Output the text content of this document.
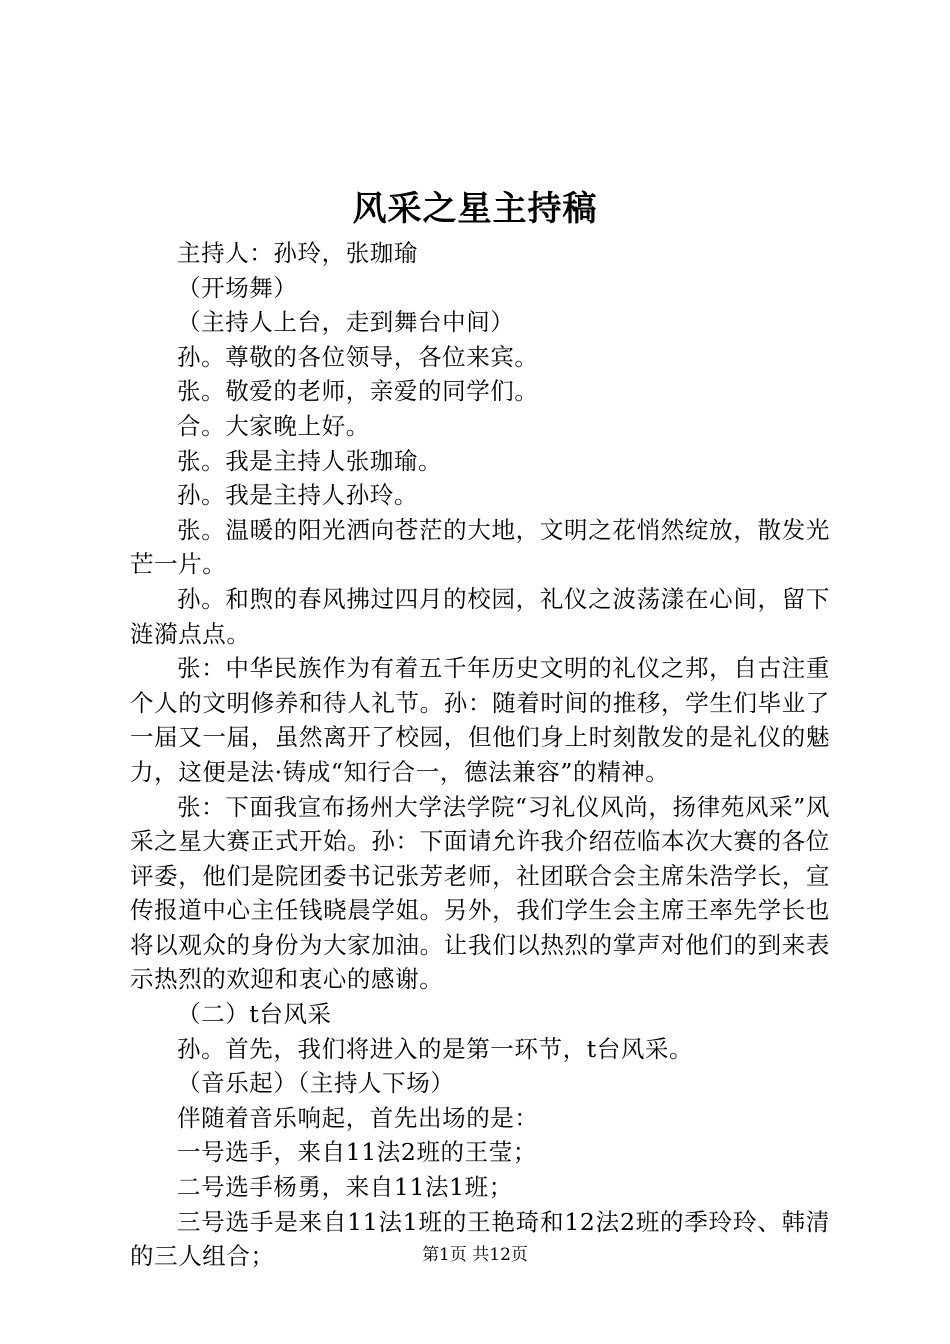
风采之星主持稿

主持人：孙玲，张珈瑜

（开场舞）

（主持人上台，走到舞台中间）

孙。尊敬的各位领导，各位来宾。

张。敬爱的老师，亲爱的同学们。

合。大家晚上好。

张。我是主持人张珈瑜。

孙。我是主持人孙玲。

张。温暖的阳光洒向苍茫的大地，文明之花悄然绽放，散发光芒一片。

孙。和煦的春风拂过四月的校园，礼仪之波荡漾在心间，留下涟漪点点。

张：中华民族作为有着五千年历史文明的礼仪之邦，自古注重个人的文明修养和待人礼节。孙：随着时间的推移，学生们毕业了一届又一届，虽然离开了校园，但他们身上时刻散发的是礼仪的魅力，这便是法·铸成“知行合一，德法兼容”的精神。

张：下面我宣布扬州大学法学院“习礼仪风尚，扬律苑风采”风采之星大赛正式开始。孙：下面请允许我介绍莅临本次大赛的各位评委，他们是院团委书记张芳老师，社团联合会主席朱浩学长，宣传报道中心主任钱晓晨学姐。另外，我们学生会主席王率先学长也将以观众的身份为大家加油。让我们以热烈的掌声对他们的到来表示热烈的欢迎和衷心的感谢。

（二）t台风采

孙。首先，我们将进入的是第一环节，t台风采。

（音乐起）（主持人下场）

伴随着音乐响起，首先出场的是：

一号选手，来自11法2班的王莹；

二号选手杨勇，来自11法1班；

三号选手是来自11法1班的王艳琦和12法2班的季玲玲、韩清的三人组合；	第1页 共12页
